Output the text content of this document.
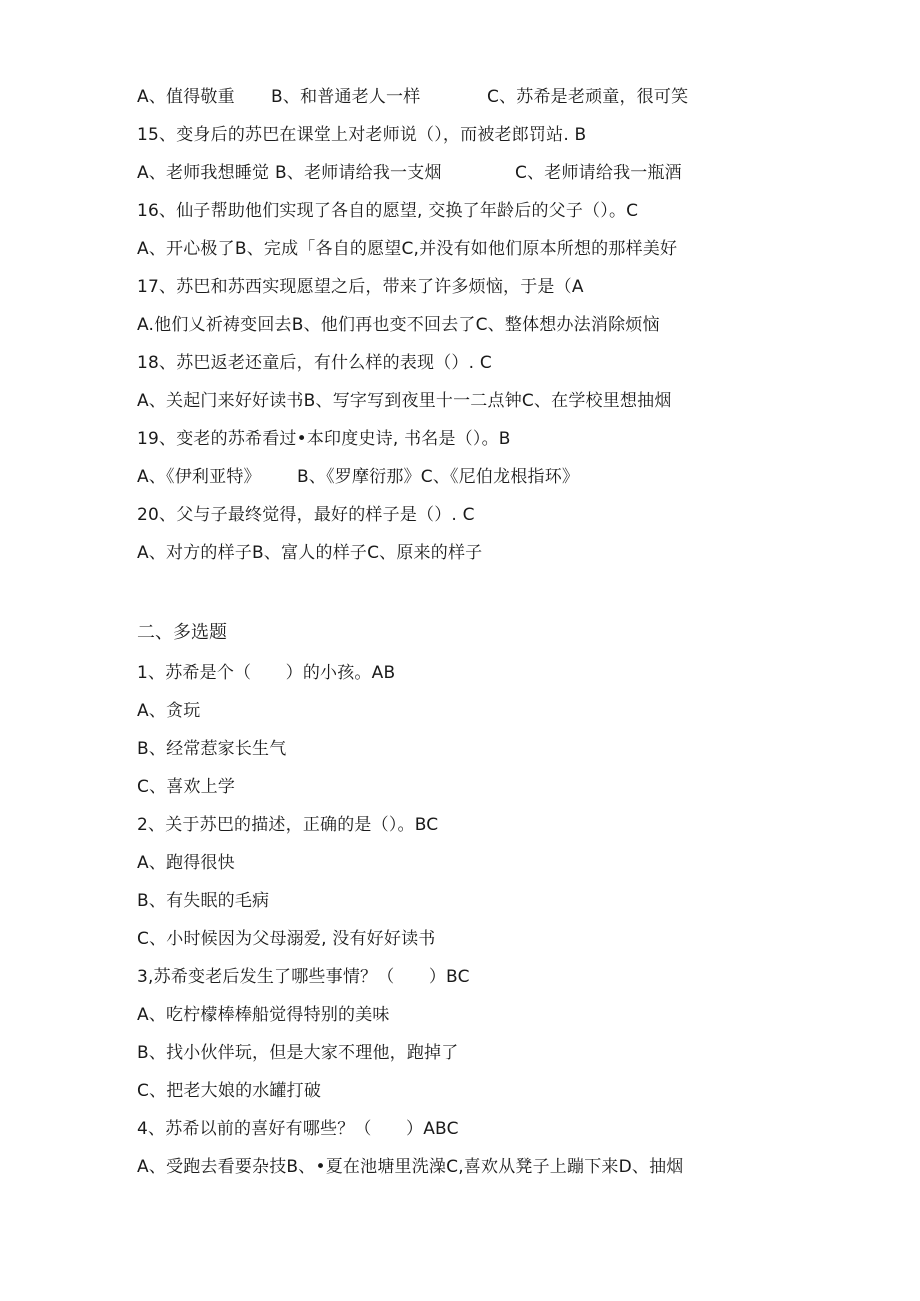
A、值得敬重 B、和普通老人一样	C、苏希是老顽童，很可笑
15、变身后的苏巴在课堂上对老师说（），而被老郎罚站. B
A、老师我想睡觉 B、老师请给我一支烟	C、老师请给我一瓶酒
16、仙子帮助他们实现了各自的愿望, 交换了年龄后的父子（）。C
A、开心极了B、完成「各自的愿望C,并没有如他们原本所想的那样美好
17、苏巴和苏西实现愿望之后，带来了许多烦恼，于是（A
A.他们乂祈祷变回去B、他们再也变不回去了C、整体想办法消除烦恼
18、苏巴返老还童后，有什么样的表现（）. C
A、关起门来好好读书B、写字写到夜里十一二点钟C、在学校里想抽烟
19、变老的苏希看过•本印度史诗, 书名是（）。B
A、《伊利亚特》 B、《罗摩衍那》C、《尼伯龙根指环》
20、父与子最终觉得，最好的样子是（）. C
A、对方的样子B、富人的样子C、原来的样子
二、多选题
1、苏希是个（　　）的小孩。AB
A、贪玩
B、经常惹家长生气
C、喜欢上学
2、关于苏巴的描述，正确的是（）。BC
A、跑得很快
B、有失眠的毛病
C、小时候因为父母溺爱, 没有好好读书
3,苏希变老后发生了哪些事情？（　　）BC
A、吃柠檬棒棒船觉得特别的美味
B、找小伙伴玩，但是大家不理他，跑掉了
C、把老大娘的水罐打破
4、苏希以前的喜好有哪些？（　　）ABC
A、受跑去看要杂技B、•夏在池塘里洗澡C,喜欢从凳子上蹦下来D、抽烟
